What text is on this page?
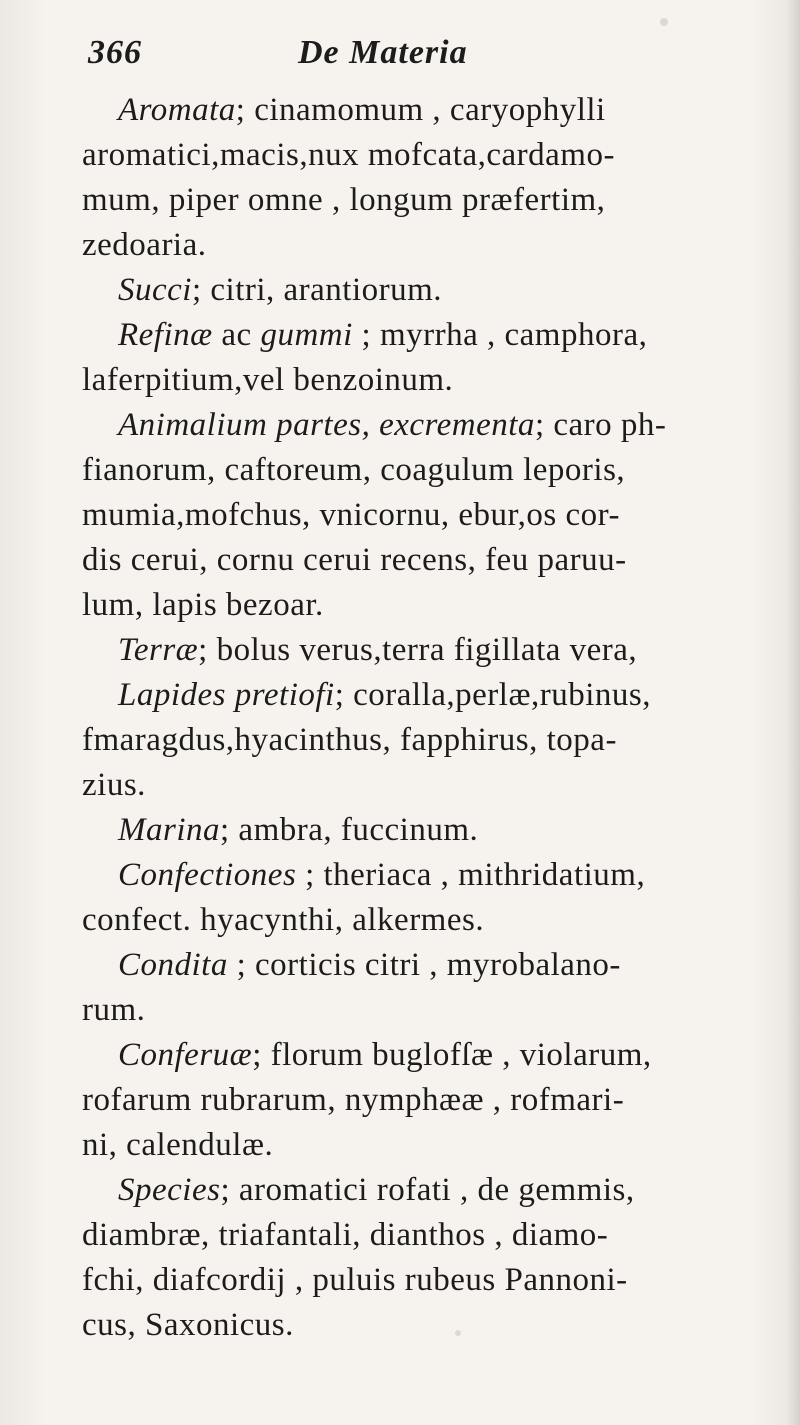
366	De Materia
Aromata; cinamomum , caryophylli
aromatici,macis,nux mofcata,cardamo-
mum, piper omne , longum præfertim,
zedoaria.
Succi; citri, arantiorum.
Refinæ ac gummi ; myrrha , camphora,
laferpitium,vel benzoinum.
Animalium partes, excrementa; caro ph-
fianorum, caftoreum, coagulum leporis,
mumia,mofchus, vnicornu, ebur,os cor-
dis cerui, cornu cerui recens, feu paruu-
lum, lapis bezoar.
Terræ; bolus verus,terra figillata vera,
Lapides pretiofi; coralla,perlæ,rubinus,
fmaragdus,hyacinthus, fapphirus, topa-
zius.
Marina; ambra, fuccinum.
Confectiones ; theriaca , mithridatium,
confect. hyacynthi, alkermes.
Condita ; corticis citri , myrobalano-
rum.
Conferuæ; florum buglofſæ , violarum,
rofarum rubrarum, nymphææ , rofmari-
ni, calendulæ.
Species; aromatici rofati , de gemmis,
diambræ, triafantali, dianthos , diamo-
fchi, diafcordij , puluis rubeus Pannoni-
cus, Saxonicus.
